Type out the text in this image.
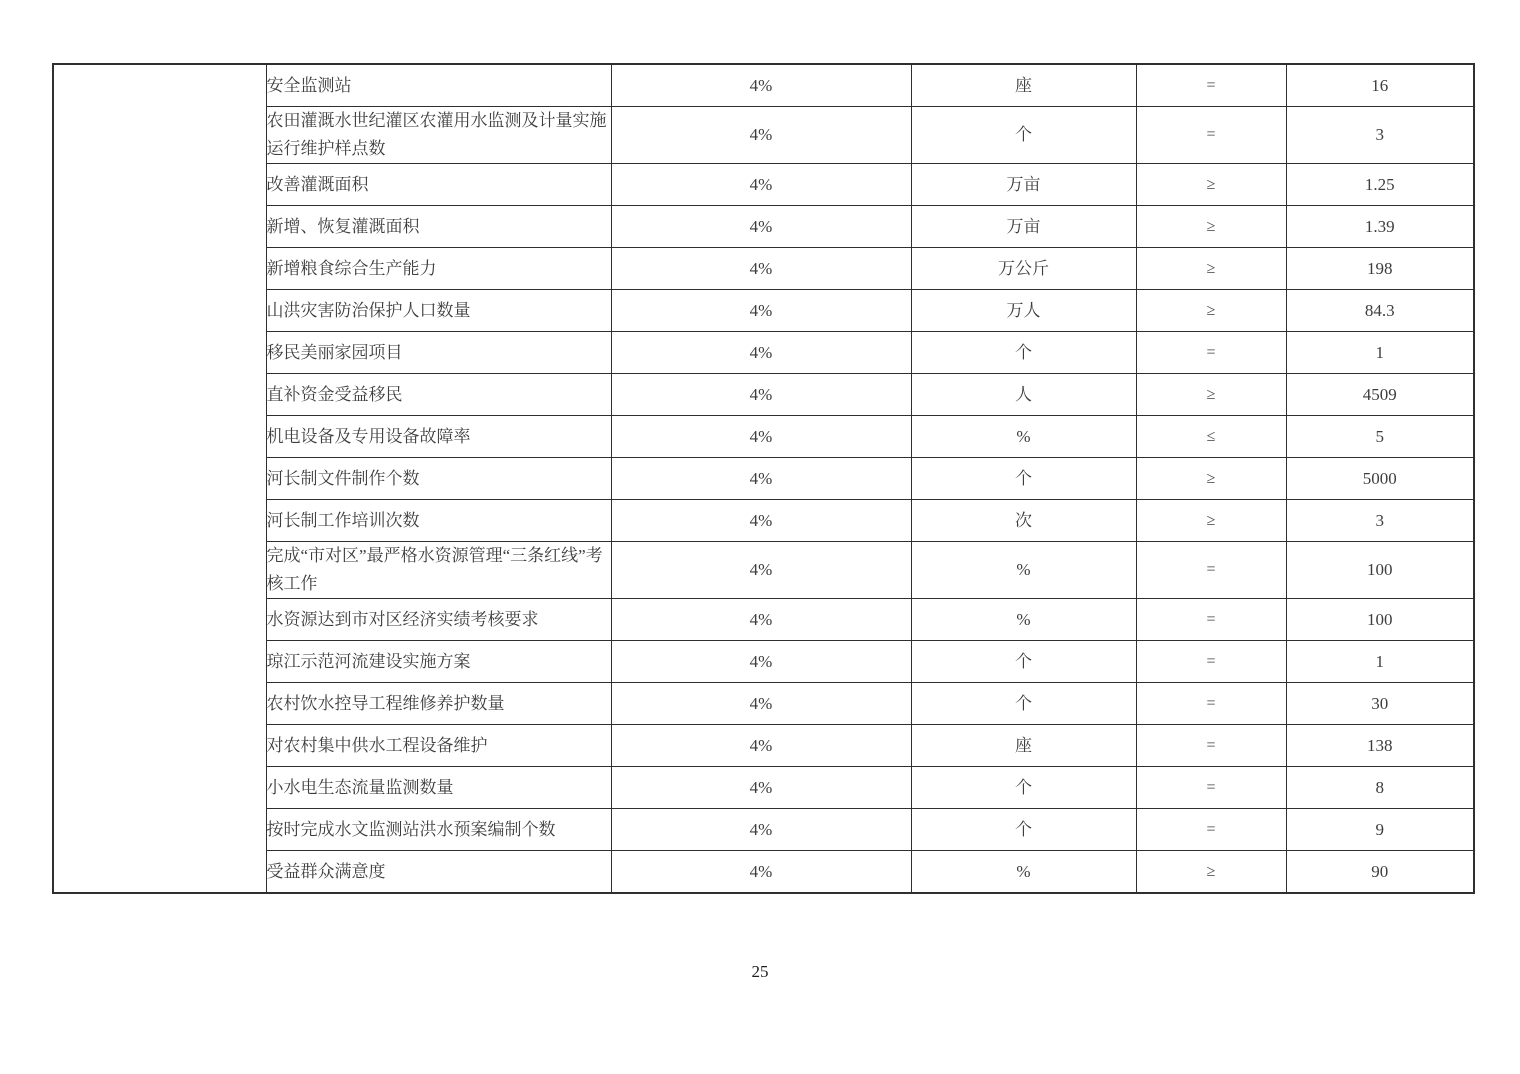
	安全监测站	4%	座	=	16
	农田灌溉水世纪灌区农灌用水监测及计量实施运行维护样点数	4%	个	=	3
	改善灌溉面积	4%	万亩	≥	1.25
	新增、恢复灌溉面积	4%	万亩	≥	1.39
	新增粮食综合生产能力	4%	万公斤	≥	198
	山洪灾害防治保护人口数量	4%	万人	≥	84.3
	移民美丽家园项目	4%	个	=	1
	直补资金受益移民	4%	人	≥	4509
	机电设备及专用设备故障率	4%	%	≤	5
	河长制文件制作个数	4%	个	≥	5000
	河长制工作培训次数	4%	次	≥	3
	完成“市对区”最严格水资源管理“三条红线”考核工作	4%	%	=	100
	水资源达到市对区经济实绩考核要求	4%	%	=	100
	琼江示范河流建设实施方案	4%	个	=	1
	农村饮水控导工程维修养护数量	4%	个	=	30
	对农村集中供水工程设备维护	4%	座	=	138
	小水电生态流量监测数量	4%	个	=	8
	按时完成水文监测站洪水预案编制个数	4%	个	=	9
	受益群众满意度	4%	%	≥	90
25
